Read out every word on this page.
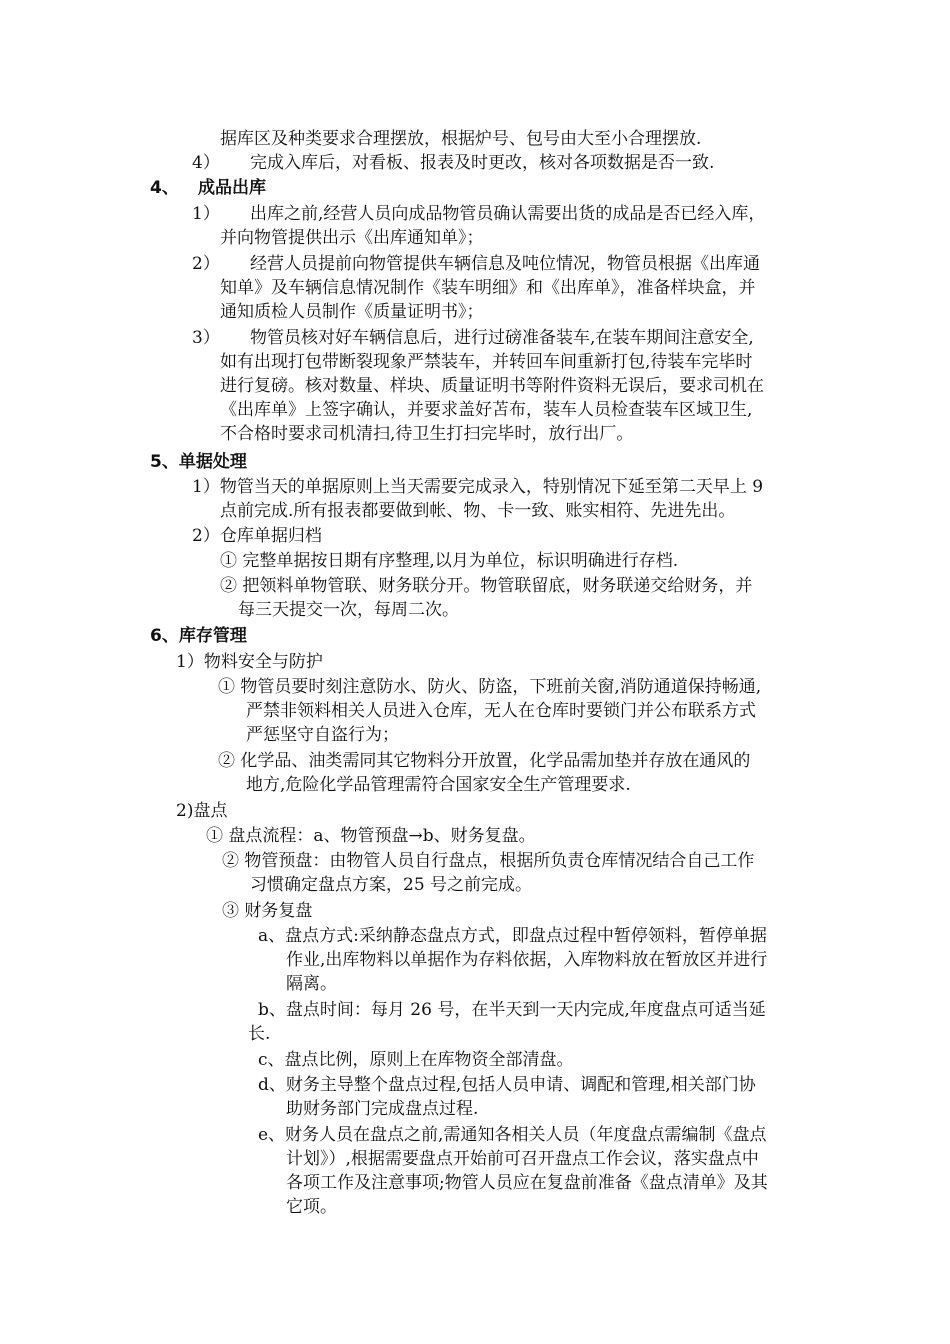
据库区及种类要求合理摆放，根据炉号、包号由大至小合理摆放.
4） 完成入库后，对看板、报表及时更改，核对各项数据是否一致.
4、 成品出库
1） 出库之前,经营人员向成品物管员确认需要出货的成品是否已经入库，
并向物管提供出示《出库通知单》；
2） 经营人员提前向物管提供车辆信息及吨位情况，物管员根据《出库通
知单》及车辆信息情况制作《装车明细》和《出库单》，准备样块盒，并
通知质检人员制作《质量证明书》；
3） 物管员核对好车辆信息后，进行过磅准备装车,在装车期间注意安全,
如有出现打包带断裂现象严禁装车，并转回车间重新打包,待装车完毕时
进行复磅。核对数量、样块、质量证明书等附件资料无误后，要求司机在
《出库单》上签字确认，并要求盖好苫布，装车人员检查装车区域卫生,
不合格时要求司机清扫,待卫生打扫完毕时，放行出厂。
5、单据处理
1）物管当天的单据原则上当天需要完成录入，特别情况下延至第二天早上 9
点前完成.所有报表都要做到帐、物、卡一致、账实相符、先进先出。
2）仓库单据归档
① 完整单据按日期有序整理,以月为单位，标识明确进行存档.
② 把领料单物管联、财务联分开。物管联留底，财务联递交给财务，并
每三天提交一次，每周二次。
6、库存管理
1）物料安全与防护
① 物管员要时刻注意防水、防火、防盗，下班前关窗,消防通道保持畅通,
严禁非领料相关人员进入仓库，无人在仓库时要锁门并公布联系方式
严惩坚守自盗行为；
② 化学品、油类需同其它物料分开放置，化学品需加垫并存放在通风的
地方,危险化学品管理需符合国家安全生产管理要求.
2)盘点
① 盘点流程：a、物管预盘→b、财务复盘。
② 物管预盘：由物管人员自行盘点，根据所负责仓库情况结合自己工作
习惯确定盘点方案，25 号之前完成。
③ 财务复盘
a、盘点方式:采纳静态盘点方式，即盘点过程中暂停领料，暂停单据
作业,出库物料以单据作为存料依据，入库物料放在暂放区并进行
隔离。
b、盘点时间：每月 26 号，在半天到一天内完成,年度盘点可适当延
长.
c、盘点比例，原则上在库物资全部清盘。
d、财务主导整个盘点过程,包括人员申请、调配和管理,相关部门协
助财务部门完成盘点过程.
e、财务人员在盘点之前,需通知各相关人员（年度盘点需编制《盘点
计划》）,根据需要盘点开始前可召开盘点工作会议，落实盘点中
各项工作及注意事项;物管人员应在复盘前准备《盘点清单》及其
它项。
